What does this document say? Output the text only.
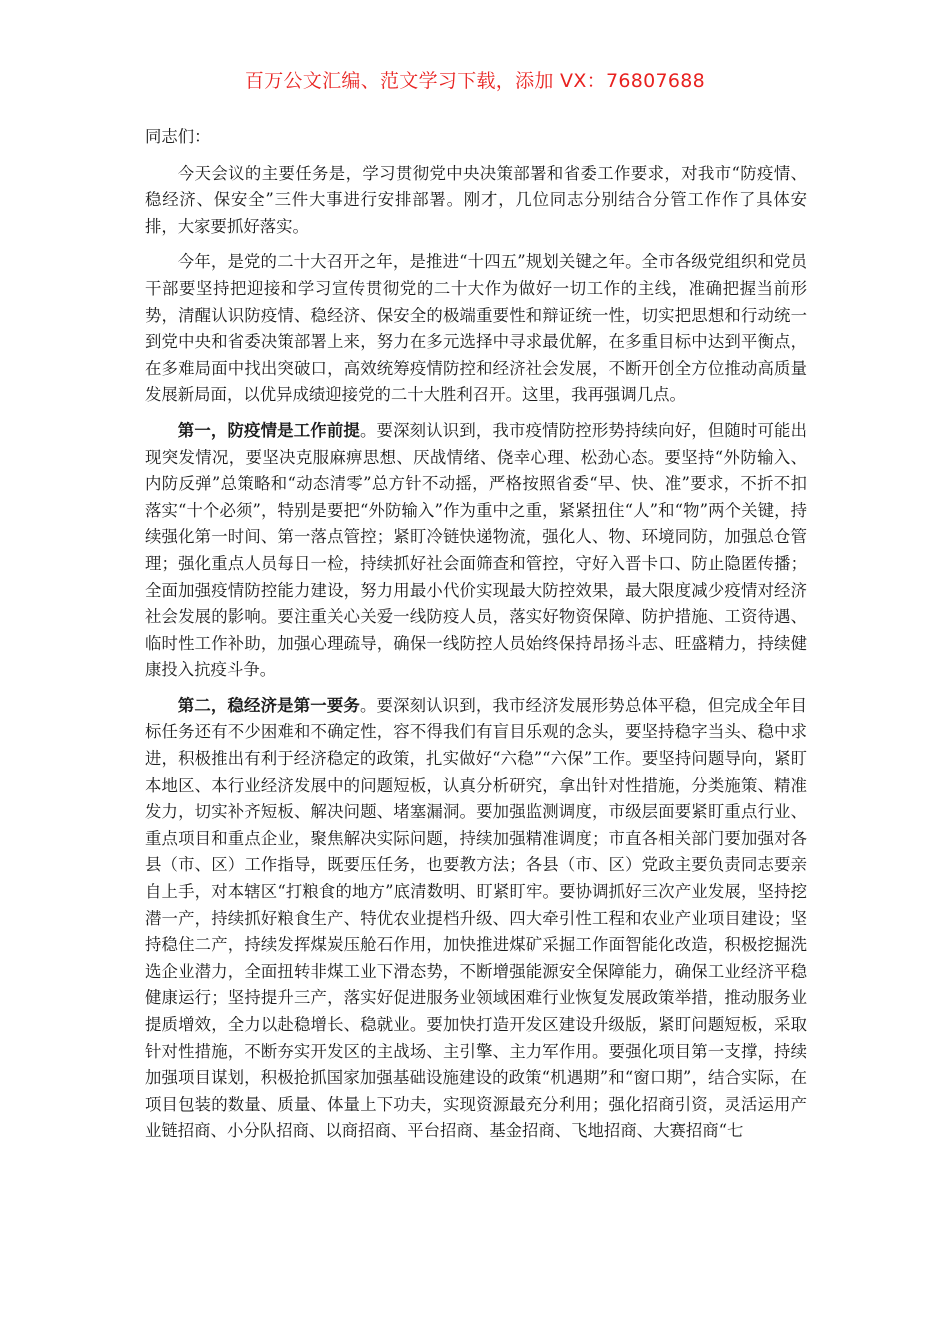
百万公文汇编、范文学习下载，添加 VX：76807688

同志们：

今天会议的主要任务是，学习贯彻党中央决策部署和省委工作要求，对我市“防疫情、稳经济、保安全”三件大事进行安排部署。刚才，几位同志分别结合分管工作作了具体安排，大家要抓好落实。

今年，是党的二十大召开之年，是推进“十四五”规划关键之年。全市各级党组织和党员干部要坚持把迎接和学习宣传贯彻党的二十大作为做好一切工作的主线，准确把握当前形势，清醒认识防疫情、稳经济、保安全的极端重要性和辩证统一性，切实把思想和行动统一到党中央和省委决策部署上来，努力在多元选择中寻求最优解，在多重目标中达到平衡点，在多难局面中找出突破口，高效统筹疫情防控和经济社会发展，不断开创全方位推动高质量发展新局面，以优异成绩迎接党的二十大胜利召开。这里，我再强调几点。

第一，防疫情是工作前提。要深刻认识到，我市疫情防控形势持续向好，但随时可能出现突发情况，要坚决克服麻痹思想、厌战情绪、侥幸心理、松劲心态。要坚持“外防输入、内防反弹”总策略和“动态清零”总方针不动摇，严格按照省委“早、快、准”要求，不折不扣落实“十个必须”，特别是要把“外防输入”作为重中之重，紧紧扭住“人”和“物”两个关键，持续强化第一时间、第一落点管控；紧盯冷链快递物流，强化人、物、环境同防，加强总仓管理；强化重点人员每日一检，持续抓好社会面筛查和管控，守好入晋卡口、防止隐匿传播；全面加强疫情防控能力建设，努力用最小代价实现最大防控效果，最大限度减少疫情对经济社会发展的影响。要注重关心关爱一线防疫人员，落实好物资保障、防护措施、工资待遇、临时性工作补助，加强心理疏导，确保一线防控人员始终保持昂扬斗志、旺盛精力，持续健康投入抗疫斗争。

第二，稳经济是第一要务。要深刻认识到，我市经济发展形势总体平稳，但完成全年目标任务还有不少困难和不确定性，容不得我们有盲目乐观的念头，要坚持稳字当头、稳中求进，积极推出有利于经济稳定的政策，扎实做好“六稳”“六保”工作。要坚持问题导向，紧盯本地区、本行业经济发展中的问题短板，认真分析研究，拿出针对性措施，分类施策、精准发力，切实补齐短板、解决问题、堵塞漏洞。要加强监测调度，市级层面要紧盯重点行业、重点项目和重点企业，聚焦解决实际问题，持续加强精准调度；市直各相关部门要加强对各县（市、区）工作指导，既要压任务，也要教方法；各县（市、区）党政主要负责同志要亲自上手，对本辖区“打粮食的地方”底清数明、盯紧盯牢。要协调抓好三次产业发展，坚持挖潜一产，持续抓好粮食生产、特优农业提档升级、四大牵引性工程和农业产业项目建设；坚持稳住二产，持续发挥煤炭压舱石作用，加快推进煤矿采掘工作面智能化改造，积极挖掘洗选企业潜力，全面扭转非煤工业下滑态势，不断增强能源安全保障能力，确保工业经济平稳健康运行；坚持提升三产，落实好促进服务业领域困难行业恢复发展政策举措，推动服务业提质增效，全力以赴稳增长、稳就业。要加快打造开发区建设升级版，紧盯问题短板，采取针对性措施，不断夯实开发区的主战场、主引擎、主力军作用。要强化项目第一支撑，持续加强项目谋划，积极抢抓国家加强基础设施建设的政策“机遇期”和“窗口期”，结合实际，在项目包装的数量、质量、体量上下功夫，实现资源最充分利用；强化招商引资，灵活运用产业链招商、小分队招商、以商招商、平台招商、基金招商、飞地招商、大赛招商“七
